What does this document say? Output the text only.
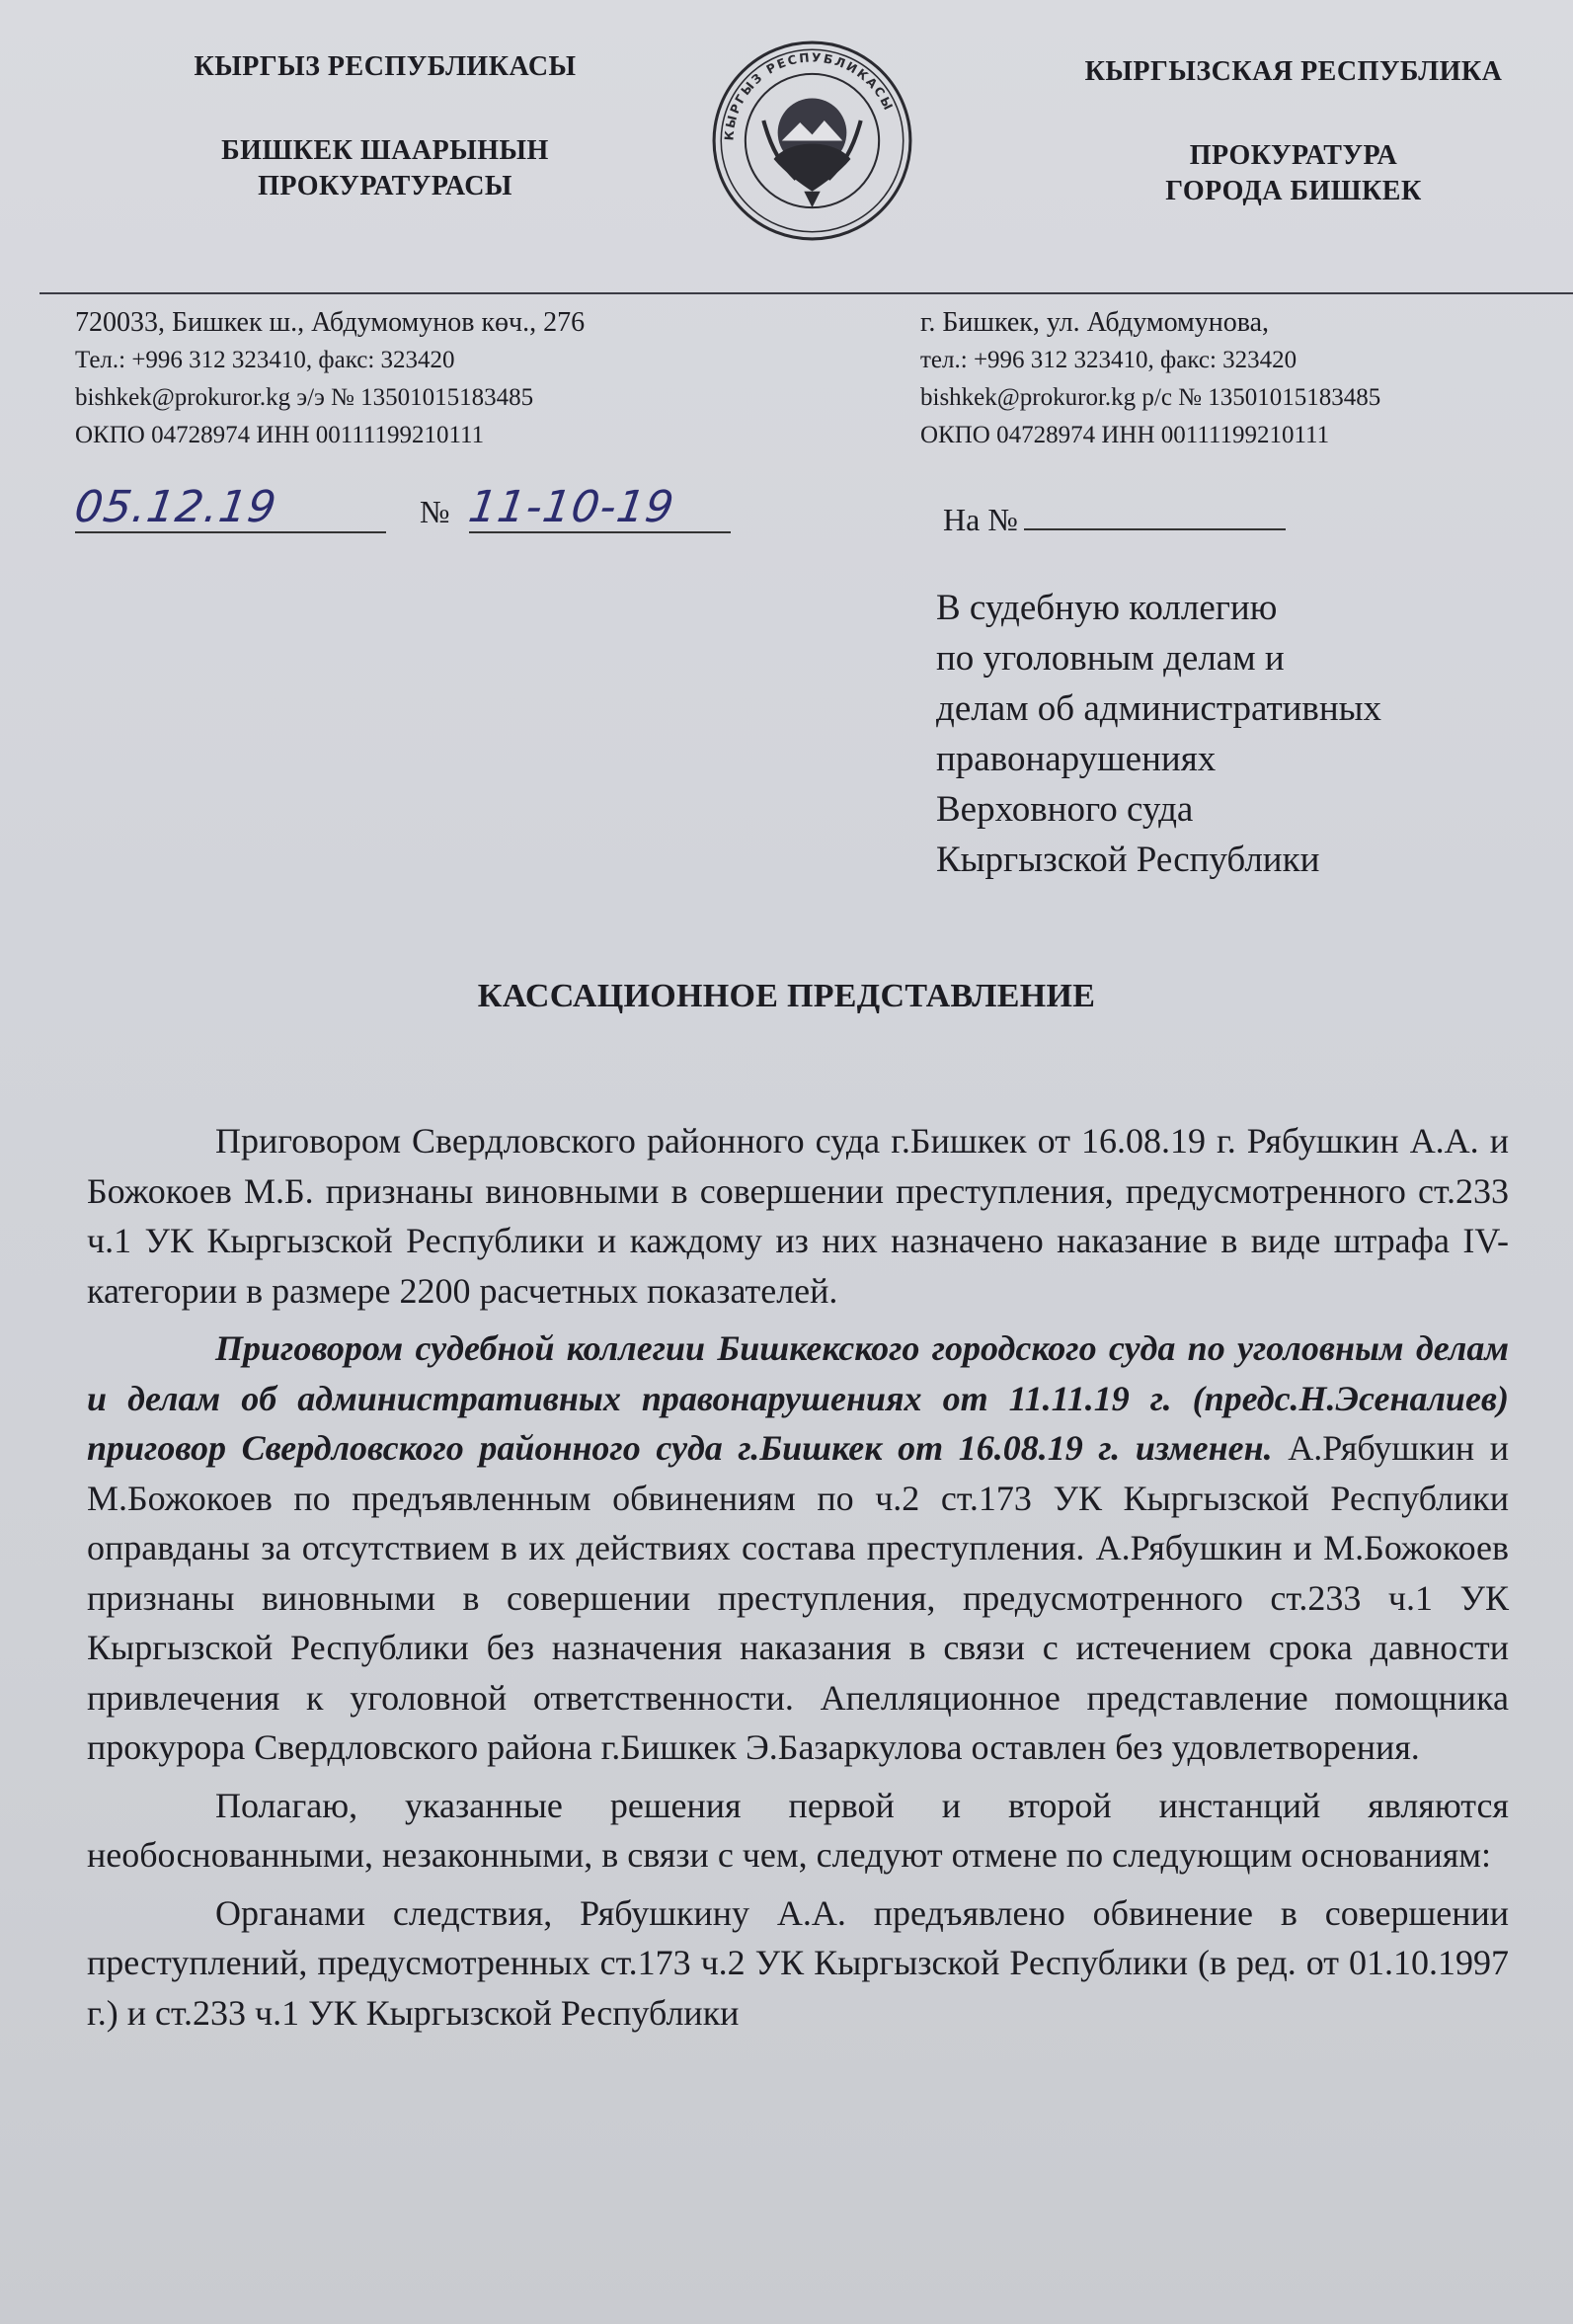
КЫРГЫЗ РЕСПУБЛИКАСЫ
БИШКЕК ШААРЫНЫН
ПРОКУРАТУРАСЫ
КЫРГЫЗ РЕСПУБЛИКАСЫ
КЫРГЫЗСКАЯ РЕСПУБЛИКА
ПРОКУРАТУРА
ГОРОДА БИШКЕК
720033, Бишкек ш., Абдумомунов көч., 276
Тел.: +996 312 323410, факс: 323420
bishkek@prokuror.kg э/э № 13501015183485
ОКПО 04728974 ИНН 00111199210111
г. Бишкек, ул. Абдумомунова,
тел.: +996 312 323410, факс: 323420
bishkek@prokuror.kg р/с № 13501015183485
ОКПО 04728974 ИНН 00111199210111
05.12.19	№ 11-10-19	На №
В судебную коллегию
по уголовным делам и
делам об административных
правонарушениях
Верховного суда
Кыргызской Республики
КАССАЦИОННОЕ ПРЕДСТАВЛЕНИЕ

Приговором Свердловского районного суда г.Бишкек от 16.08.19 г. Рябушкин А.А. и Божокоев М.Б. признаны виновными в совершении преступления, предусмотренного ст.233 ч.1 УК Кыргызской Республики и каждому из них назначено наказание в виде штрафа IV-категории в размере 2200 расчетных показателей.

Приговором судебной коллегии Бишкекского городского суда по уголовным делам и делам об административных правонарушениях от 11.11.19 г. (предс.Н.Эсеналиев) приговор Свердловского районного суда г.Бишкек от 16.08.19 г. изменен. А.Рябушкин и М.Божокоев по предъявленным обвинениям по ч.2 ст.173 УК Кыргызской Республики оправданы за отсутствием в их действиях состава преступления. А.Рябушкин и М.Божокоев признаны виновными в совершении преступления, предусмотренного ст.233 ч.1 УК Кыргызской Республики без назначения наказания в связи с истечением срока давности привлечения к уголовной ответственности. Апелляционное представление помощника прокурора Свердловского района г.Бишкек Э.Базаркулова оставлен без удовлетворения.

Полагаю, указанные решения первой и второй инстанций являются необоснованными, незаконными, в связи с чем, следуют отмене по следующим основаниям:

Органами следствия, Рябушкину А.А. предъявлено обвинение в совершении преступлений, предусмотренных ст.173 ч.2 УК Кыргызской Республики (в ред. от 01.10.1997 г.) и ст.233 ч.1 УК Кыргызской Республики
